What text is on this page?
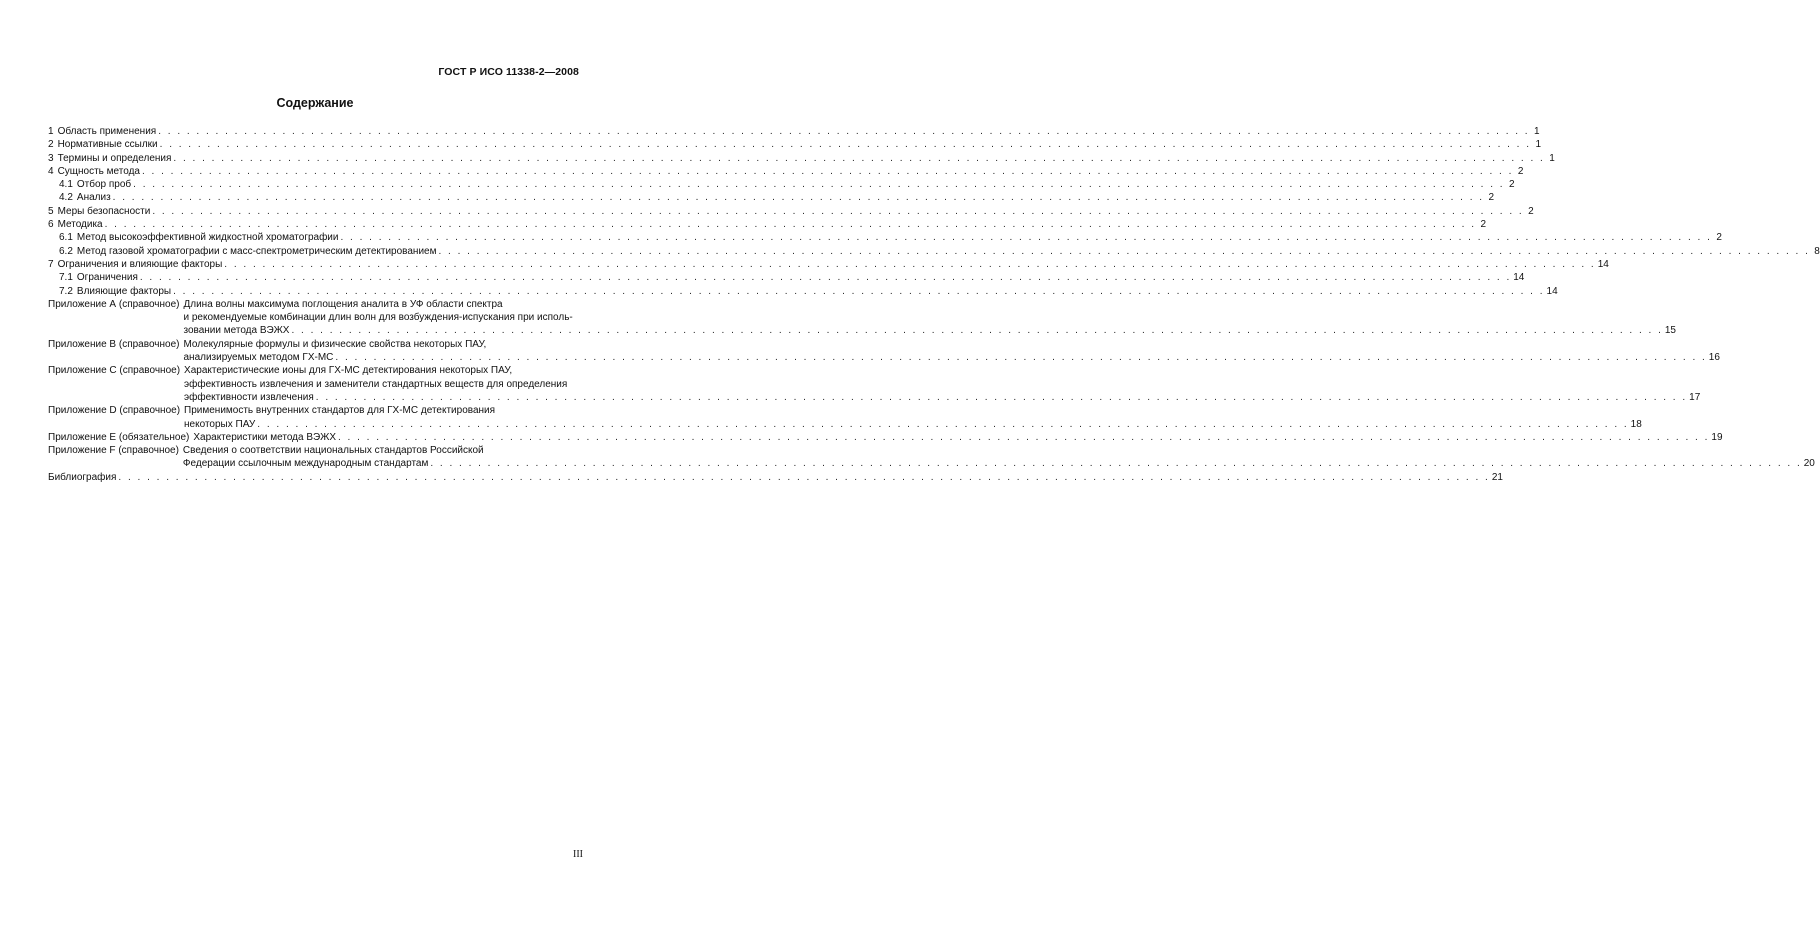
ГОСТ Р ИСО 11338-2—2008
Содержание
1 Область применения . . .	1
2 Нормативные ссылки . . .	1
3 Термины и определения . . .	1
4 Сущность метода . . .	2
4.1 Отбор проб . . .	2
4.2 Анализ . . .	2
5 Меры безопасности . . .	2
6 Методика . . .	2
6.1 Метод высокоэффективной жидкостной хроматографии . . .	2
6.2 Метод газовой хроматографии с масс-спектрометрическим детектированием . . .	8
7 Ограничения и влияющие факторы . . .	14
7.1 Ограничения . . .	14
7.2 Влияющие факторы . . .	14
Приложение А (справочное) Длина волны максимума поглощения аналита в УФ области спектра
и рекомендуемые комбинации длин волн для возбуждения-испускания при исполь-
зовании метода ВЭЖХ . . .	15
Приложение В (справочное) Молекулярные формулы и физические свойства некоторых ПАУ,
анализируемых методом ГХ-МС . . .	16
Приложение С (справочное) Характеристические ионы для ГХ-МС детектирования некоторых ПАУ,
эффективность извлечения и заменители стандартных веществ для определения
эффективности извлечения . . .	17
Приложение D (справочное) Применимость внутренних стандартов для ГХ-МС детектирования
некоторых ПАУ . . .	18
Приложение Е (обязательное) Характеристики метода ВЭЖХ . . .	19
Приложение F (справочное) Сведения о соответствии национальных стандартов Российской
Федерации ссылочным международным стандартам . . .	20
Библиография . . .	21
III
